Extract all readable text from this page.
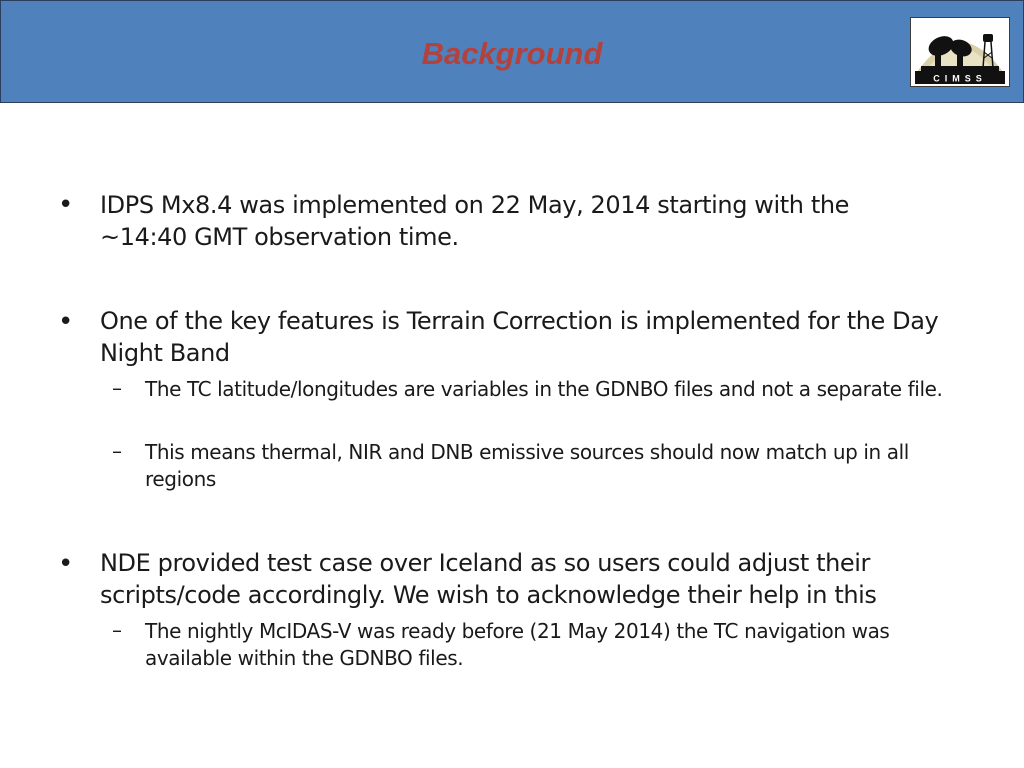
Background
CIMSS
• IDPS Mx8.4 was implemented on 22 May, 2014 starting with the ~14:40 GMT observation time.
• One of the key features is Terrain Correction is implemented for the Day Night Band
– The TC latitude/longitudes are variables in the GDNBO files and not a separate file.
– This means thermal, NIR and DNB emissive sources should now match up in all regions
• NDE provided test case over Iceland as so users could adjust their scripts/code accordingly. We wish to acknowledge their help in this
– The nightly McIDAS-V was ready before (21 May 2014) the TC navigation was available within the GDNBO files.
